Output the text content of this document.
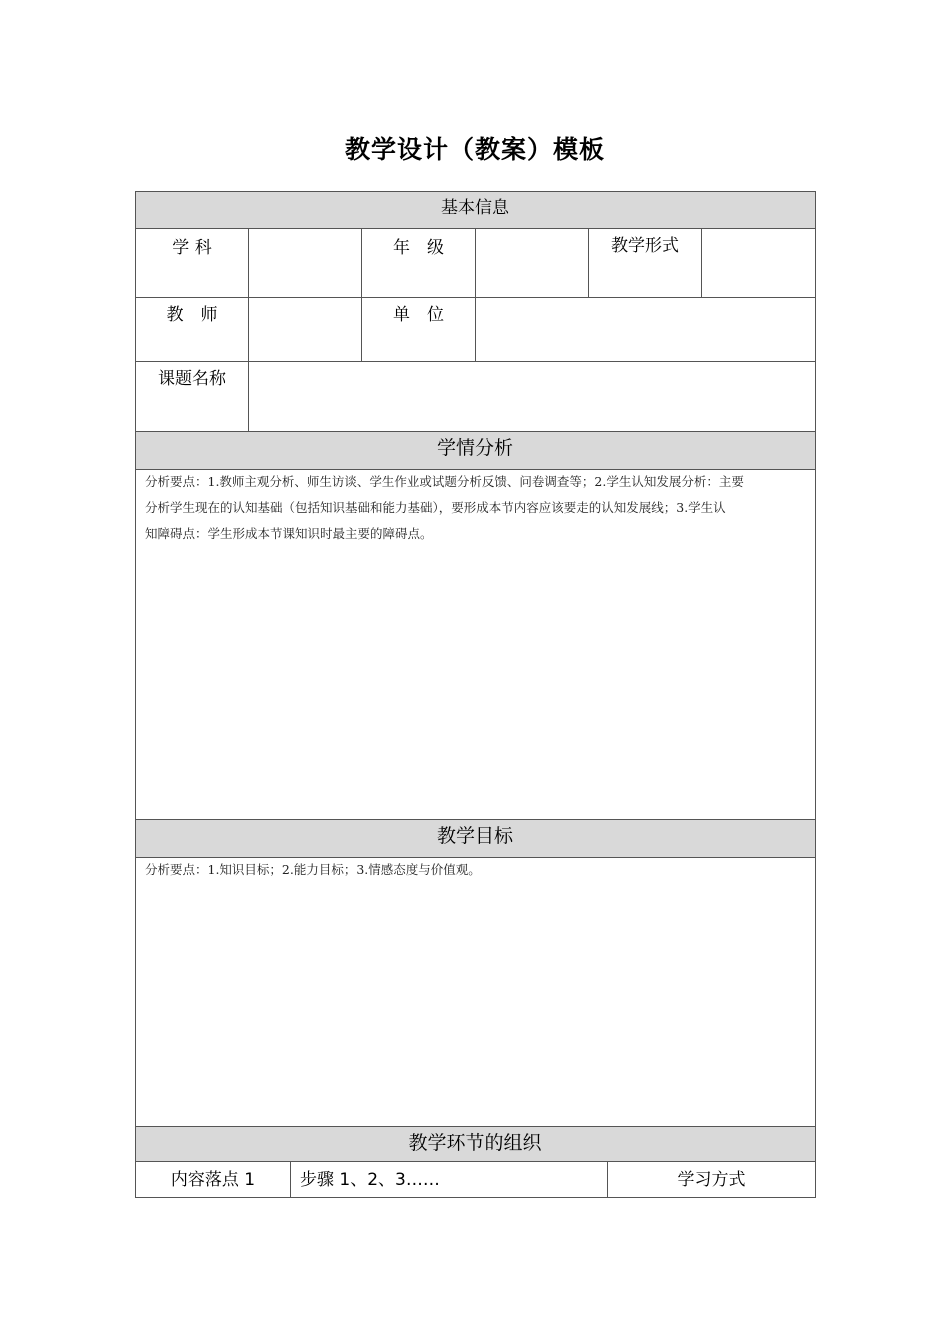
教学设计（教案）模板
基本信息
学 科	年　级	教学形式
教　师	单　位
课题名称
学情分析
分析要点：1.教师主观分析、师生访谈、学生作业或试题分析反馈、问卷调查等；2.学生认知发展分析：主要
分析学生现在的认知基础（包括知识基础和能力基础），要形成本节内容应该要走的认知发展线；3.学生认
知障碍点：学生形成本节课知识时最主要的障碍点。
教学目标
分析要点：1.知识目标；2.能力目标；3.情感态度与价值观。
教学环节的组织
内容落点 1	步骤 1、2、3……	学习方式
